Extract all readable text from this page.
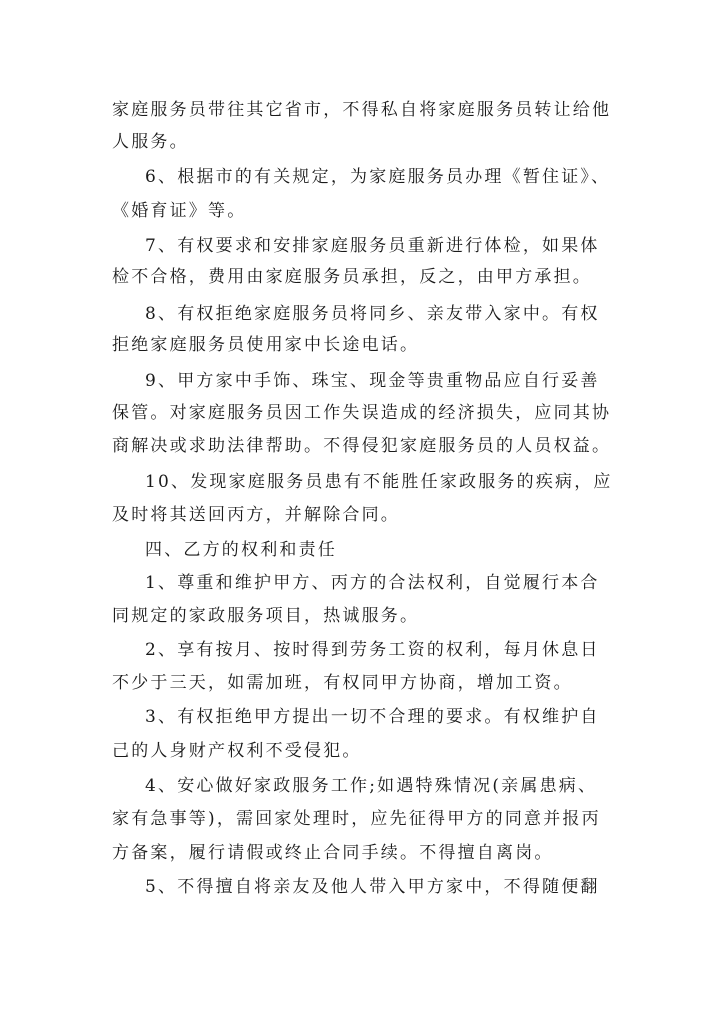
家庭服务员带往其它省市，不得私自将家庭服务员转让给他
人服务。
6、根据市的有关规定，为家庭服务员办理《暂住证》、
《婚育证》等。
7、有权要求和安排家庭服务员重新进行体检，如果体
检不合格，费用由家庭服务员承担，反之，由甲方承担。
8、有权拒绝家庭服务员将同乡、亲友带入家中。有权
拒绝家庭服务员使用家中长途电话。
9、甲方家中手饰、珠宝、现金等贵重物品应自行妥善
保管。对家庭服务员因工作失误造成的经济损失，应同其协
商解决或求助法律帮助。不得侵犯家庭服务员的人员权益。
10、发现家庭服务员患有不能胜任家政服务的疾病，应
及时将其送回丙方，并解除合同。
四、乙方的权利和责任
1、尊重和维护甲方、丙方的合法权利，自觉履行本合
同规定的家政服务项目，热诚服务。
2、享有按月、按时得到劳务工资的权利，每月休息日
不少于三天，如需加班，有权同甲方协商，增加工资。
3、有权拒绝甲方提出一切不合理的要求。有权维护自
己的人身财产权利不受侵犯。
4、安心做好家政服务工作;如遇特殊情况(亲属患病、
家有急事等)，需回家处理时，应先征得甲方的同意并报丙
方备案，履行请假或终止合同手续。不得擅自离岗。
5、不得擅自将亲友及他人带入甲方家中，不得随便翻
